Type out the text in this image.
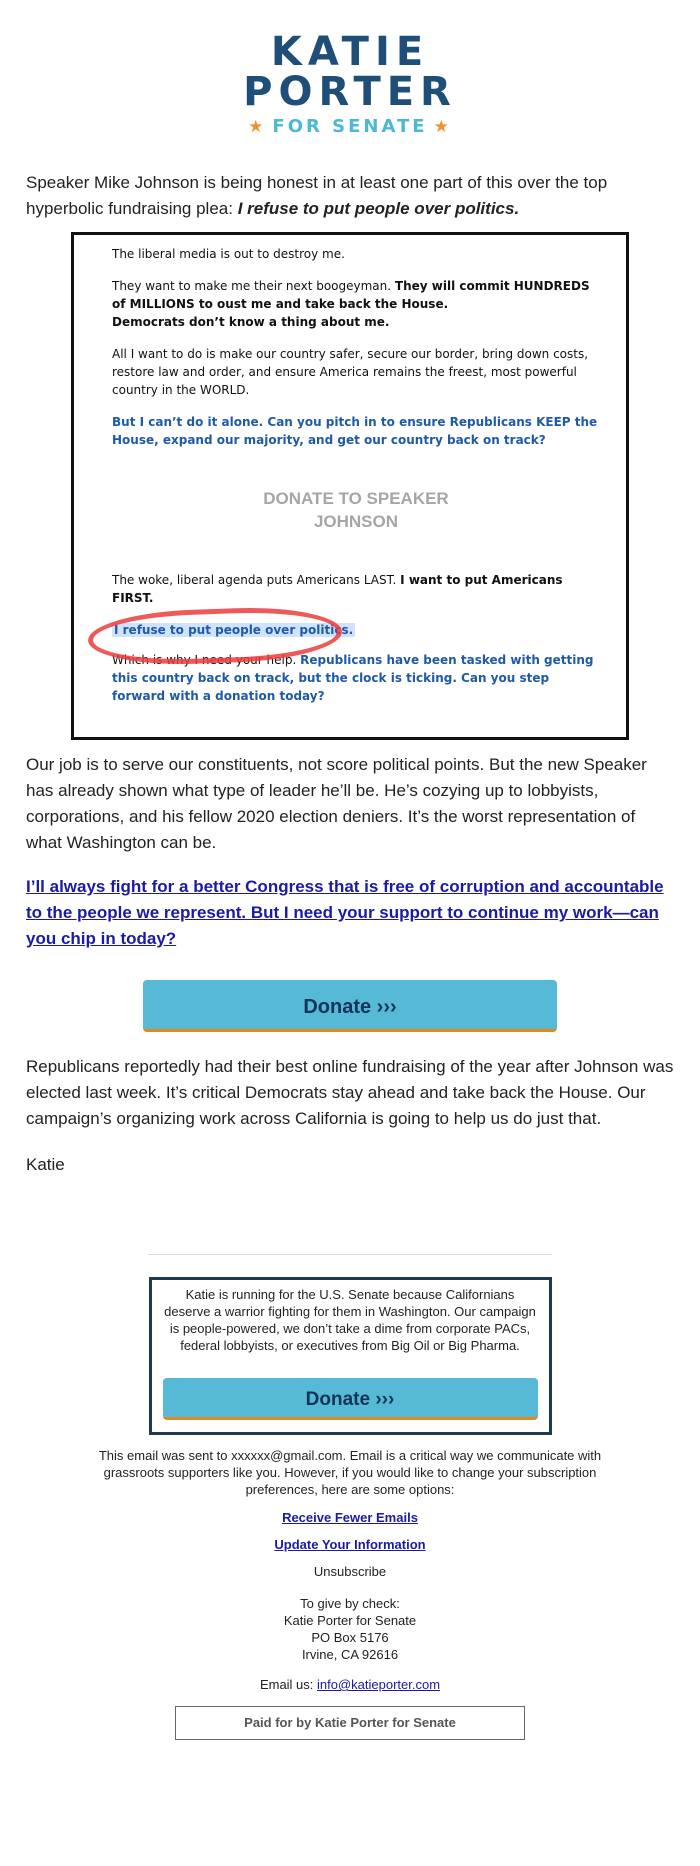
KATIE
PORTER
★ FOR SENATE ★

Speaker Mike Johnson is being honest in at least one part of this over the top hyperbolic fundraising plea: I refuse to put people over politics.

The liberal media is out to destroy me.

They want to make me their next boogeyman. They will commit HUNDREDS of MILLIONS to oust me and take back the House.

Democrats don’t know a thing about me.

All I want to do is make our country safer, secure our border, bring down costs, restore law and order, and ensure America remains the freest, most powerful country in the WORLD.

But I can’t do it alone. Can you pitch in to ensure Republicans KEEP the House, expand our majority, and get our country back on track?

DONATE TO SPEAKER
JOHNSON

The woke, liberal agenda puts Americans LAST. I want to put Americans FIRST.

I refuse to put people over politics.

Which is why I need your help. Republicans have been tasked with getting this country back on track, but the clock is ticking. Can you step forward with a donation today?

Our job is to serve our constituents, not score political points. But the new Speaker has already shown what type of leader he’ll be. He’s cozying up to lobbyists, corporations, and his fellow 2020 election deniers. It’s the worst representation of what Washington can be.

I’ll always fight for a better Congress that is free of corruption and accountable to the people we represent. But I need your support to continue my work—can you chip in today?

Donate ›››

Republicans reportedly had their best online fundraising of the year after Johnson was elected last week. It’s critical Democrats stay ahead and take back the House. Our campaign’s organizing work across California is going to help us do just that.

Katie

Katie is running for the U.S. Senate because Californians deserve a warrior fighting for them in Washington. Our campaign is people-powered, we don’t take a dime from corporate PACs, federal lobbyists, or executives from Big Oil or Big Pharma.
Donate ›››
This email was sent to xxxxxx@gmail.com. Email is a critical way we communicate with grassroots supporters like you. However, if you would like to change your subscription preferences, here are some options:
Receive Fewer Emails
Update Your Information
Unsubscribe
To give by check:
Katie Porter for Senate
PO Box 5176
Irvine, CA 92616
Email us: info@katieporter.com
Paid for by Katie Porter for Senate
